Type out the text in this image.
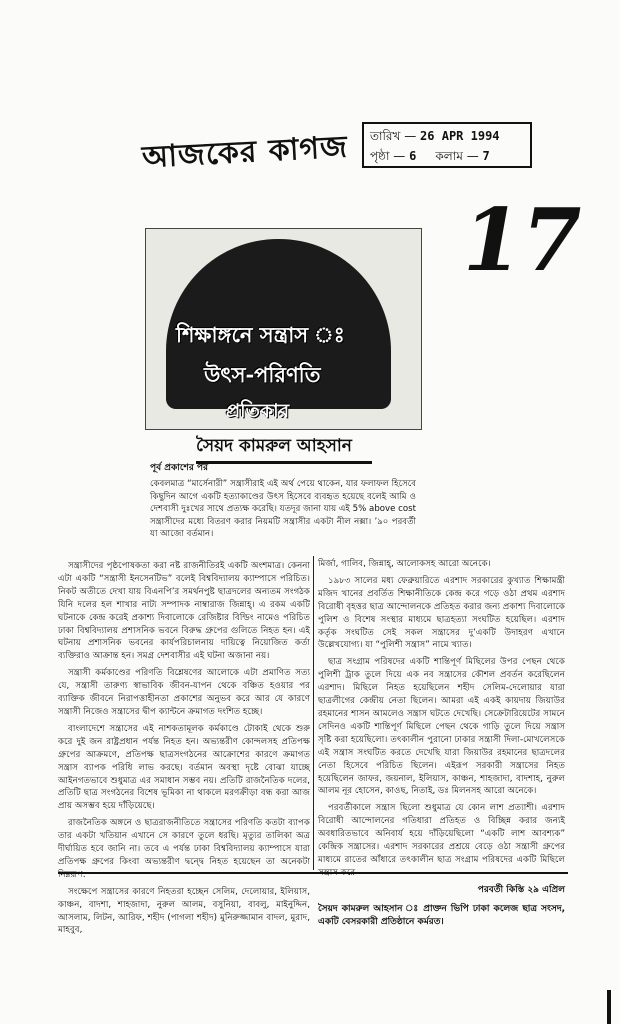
আজকের কাগজ তারিখ — 26 APR 1994
পৃষ্ঠা — 6 কলাম — 7
17
শিক্ষাঙ্গনে সন্ত্রাস ঃ
উৎস-পরিণতি
প্রতিকার
সৈয়দ কামরুল আহসান
পূর্ব প্রকাশের পর
কেবলমাত্র “মার্সেনারী” সন্ত্রাসীরাই এই অর্থ পেয়ে থাকেন, যার ফলাফল হিসেবে কিছুদিন আগে একটি হত্যাকাণ্ডের উৎস হিসেবে ব্যবহৃত হয়েছে বলেই আমি ও দেশবাসী দুঃখের সাথে প্রত্যক্ষ করেছি। যতদূর জানা যায় এই 5% above cost সন্ত্রাসীদের মধ্যে বিতরণ করার নিয়মটি সন্ত্রাসীর একটা নীল নক্সা। ’৯০ পরবর্তী যা আজো বর্তমান।

সন্ত্রাসীদের পৃষ্ঠপোষকতা করা নষ্ট রাজনীতিরই একটি অংশমাত্র। কেননা এটা একটি “সন্ত্রাসী ইনসেনটিভ” বলেই বিশ্ববিদ্যালয় ক্যাম্পাসে পরিচিত। নিকট অতীতে দেখা যায় বিএনপি’র সমর্থনপুষ্ট ছাত্রদলের অন্যতম সংগঠক যিনি দলের হল শাখার নাট্য সম্পাদক নাম্বারাজ জিন্নাহ্‌। এ রকম একটি ঘটনাকে কেন্দ্র করেই প্রকাশ্য দিবালোকে রেজিষ্টার বিল্ডিং নামেও পরিচিত ঢাকা বিশ্ববিদ্যালয় প্রশাসনিক ভবনে বিরুদ্ধ গ্রুপের গুলিতে নিহত হন। এই ঘটনায় প্রশাসনিক ভবনের কার্যপরিচালনায় দায়িত্বে নিয়োজিত কর্তা ব্যক্তিরাও আক্রান্ত হন। সমগ্র দেশবাসীর এই ঘটনা অজানা নয়।

সন্ত্রাসী কর্মকাণ্ডের পরিণতি বিশ্লেষণের আলোকে এটা প্রমাণিত সত্য যে, সন্ত্রাসী তারুণ্য স্বাভাবিক জীবন-যাপন থেকে বঞ্চিত হওয়ার পর ব্যাক্তিক জীবনে নিরাপত্তাহীনতা প্রকাশের অনুভব করে আর যে কারণে সন্ত্রাসী নিজেও সন্ত্রাসের দ্বীপ ক্যান্টনে ক্রমাগত দংশিত হচ্ছে।

বাংলাদেশে সন্ত্রাসের এই নাশকতামূলক কর্মকাণ্ডে টোকাই থেকে শুরু করে দুই জন রাষ্ট্রপ্রধান পর্যন্ত নিহত হন। অভ্যন্তরীণ কোন্দলসহ প্রতিপক্ষ গ্রুপের আক্রমণে, প্রতিপক্ষ ছাত্রসংগঠনের আক্রোশের কারণে ক্রমাগত সন্ত্রাস ব্যাপক পরিধি লাভ করছে। বর্তমান অবস্থা দৃষ্টে বোঝা যাচ্ছে আইনগতভাবে শুধুমাত্র এর সমাধান সম্ভব নয়। প্রতিটি রাজনৈতিক দলের, প্রতিটি ছাত্র সংগঠনের বিশেষ ভূমিকা না থাকলে মরণক্রীড়া বন্ধ করা আজ প্রায় অসম্ভব হয়ে দাঁড়িয়েছে।

রাজনৈতিক অঙ্গনে ও ছাত্ররাজনীতিতে সন্ত্রাসের পরিণতি কতটা ব্যাপক তার একটা খতিয়ান এখানে সে কারণে তুলে ধরছি। মৃত্যুর তালিকা অত্র দীর্ঘায়িত হবে জানি না। তবে এ পর্যন্ত ঢাকা বিশ্ববিদ্যালয় ক্যাম্পাসে যারা প্রতিপক্ষ গ্রুপের কিংবা অভ্যন্তরীণ দ্বন্দ্বে নিহত হয়েছেন তা অনেকটা নিম্নরূপ:

সংক্ষেপে সন্ত্রাসের কারণে নিহতরা হচ্ছেন সেলিম, দেলোয়ার, ইলিয়াস, কাঞ্চন, বাদশা, শাহজাদা, নুরুল আলম, বসুনিয়া, বাবলু, মাইনুদ্দিন, আসলাম, লিটন, আরিফ, শহীদ (পাগলা শহীদ) মুনিরুজ্জামান বাদল, মুরাদ, মাহবুব,

মির্জা, গালিব, জিন্নাহ্‌, আলোকসহ আরো অনেকে।

১৯৮৩ সালের মধ্য ফেব্রুয়ারিতে এরশাদ সরকারের কুখ্যাত শিক্ষামন্ত্রী মজিদ খানের প্রবর্তিত শিক্ষানীতিকে কেন্দ্র করে গড়ে ওঠা প্রথম এরশাদ বিরোধী বৃহত্তর ছাত্র আন্দোলনকে প্রতিহত করার জন্য প্রকাশ্য দিবালোকে পুলিশ ও বিশেষ সংস্থার মাধ্যমে ছাত্রহত্যা সংঘটিত হয়েছিল। এরশাদ কর্তৃক সংঘটিত সেই সকল সন্ত্রাসের দু’একটি উদাহরণ এখানে উল্লেখযোগ্য। যা “পুলিশী সন্ত্রাস” নামে খ্যাত।

ছাত্র সংগ্রাম পরিষদের একটি শান্তিপূর্ণ মিছিলের উপর পেছন থেকে পুলিশী ট্রাক তুলে দিয়ে এক নব সন্ত্রাসের কৌশল প্রবর্তন করেছিলেন এরশাদ। মিছিলে নিহত হয়েছিলেন শহীদ সেলিম-দেলোয়ার যারা ছাত্রলীগের কেন্দ্রীয় নেতা ছিলেন। আমরা এই একই কায়দায় জিয়াউর রহমানের শাসন আমলেও সন্ত্রাস ঘটতে দেখেছি। সেক্রেটারিয়েটের সামনে সেদিনও একটি শান্তিপূর্ণ মিছিলে পেছন থেকে গাড়ি তুলে দিয়ে সন্ত্রাস সৃষ্টি করা হয়েছিলো। তৎকালীন পুরানো ঢাকার সন্ত্রাসী দিলা-মোখলেসকে এই সন্ত্রাস সংঘটিত করতে দেখেছি যারা জিয়াউর রহমানের ছাত্রদলের নেতা হিসেবে পরিচিত ছিলেন। এইরূপ সরকারী সন্ত্রাসের নিহত হয়েছিলেন জাফর, জয়নাল, ইলিয়াস, কাঞ্চন, শাহজাদা, বাদশাহ, নুরুল আলম নূর হোসেন, কাওছ, নিতাই, ডঃ মিলনসহ আরো অনেকে।

পরবর্তীকালে সন্ত্রাস ছিলো শুধুমাত্র যে কোন লাশ প্রত্যাশী। এরশাদ বিরোধী আন্দোলনের গতিধারা প্রতিহত ও বিচ্ছিন্ন করার জন্যই অবধারিতভাবে অনিবার্য হয়ে দাঁড়িয়েছিলো “একটি লাশ আবশ্যক” কেন্দ্রিক সন্ত্রাসের। এরশাদ সরকারের প্রশ্রয়ে বেড়ে ওঠা সন্ত্রাসী গ্রুপের মাধ্যমে রাতের আঁধারে তৎকালীন ছাত্র সংগ্রাম পরিষদের একটি মিছিলে সন্ত্রাস করে

পরবর্তী কিস্তি ২৯ এপ্রিল
সৈয়দ কামরুল আহসান ঃ প্রাক্তন ভিপি ঢাকা কলেজ ছাত্র সংসদ, একটি বেসরকারী প্রতিষ্ঠানে কর্মরত।
